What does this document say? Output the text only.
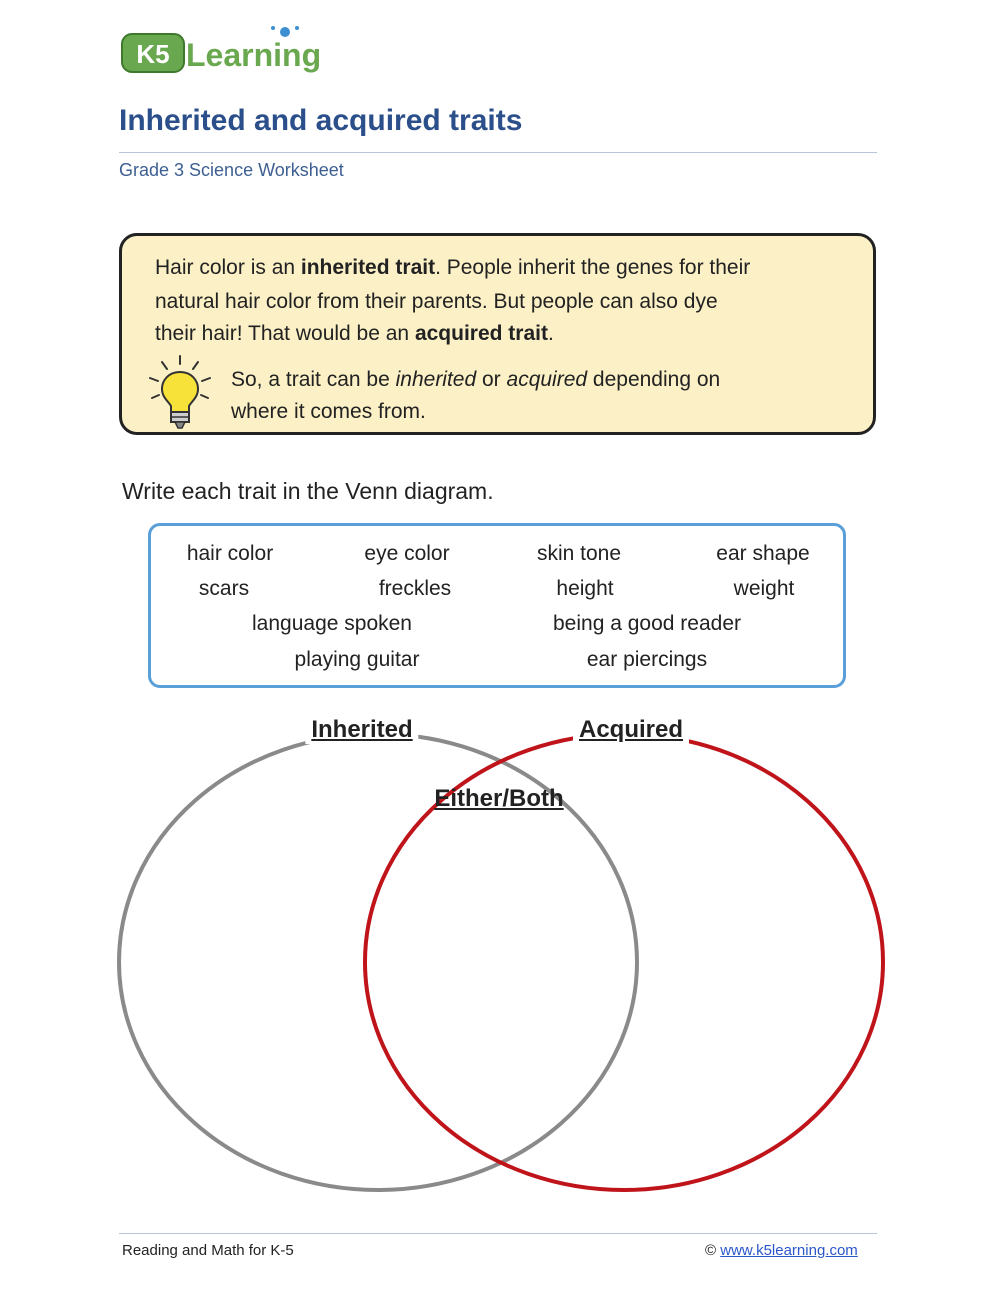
K5 Learning
Inherited and acquired traits
Grade 3 Science Worksheet
Hair color is an inherited trait. People inherit the genes for their
natural hair color from their parents. But people can also dye
their hair! That would be an acquired trait.
So, a trait can be inherited or acquired depending on
where it comes from.
Write each trait in the Venn diagram.
hair color	eye color	skin tone	ear shape
scars	freckles	height	weight
language spoken	being a good reader
playing guitar	ear piercings
Inherited	Acquired
Either/Both
Reading and Math for K-5	© www.k5learning.com
